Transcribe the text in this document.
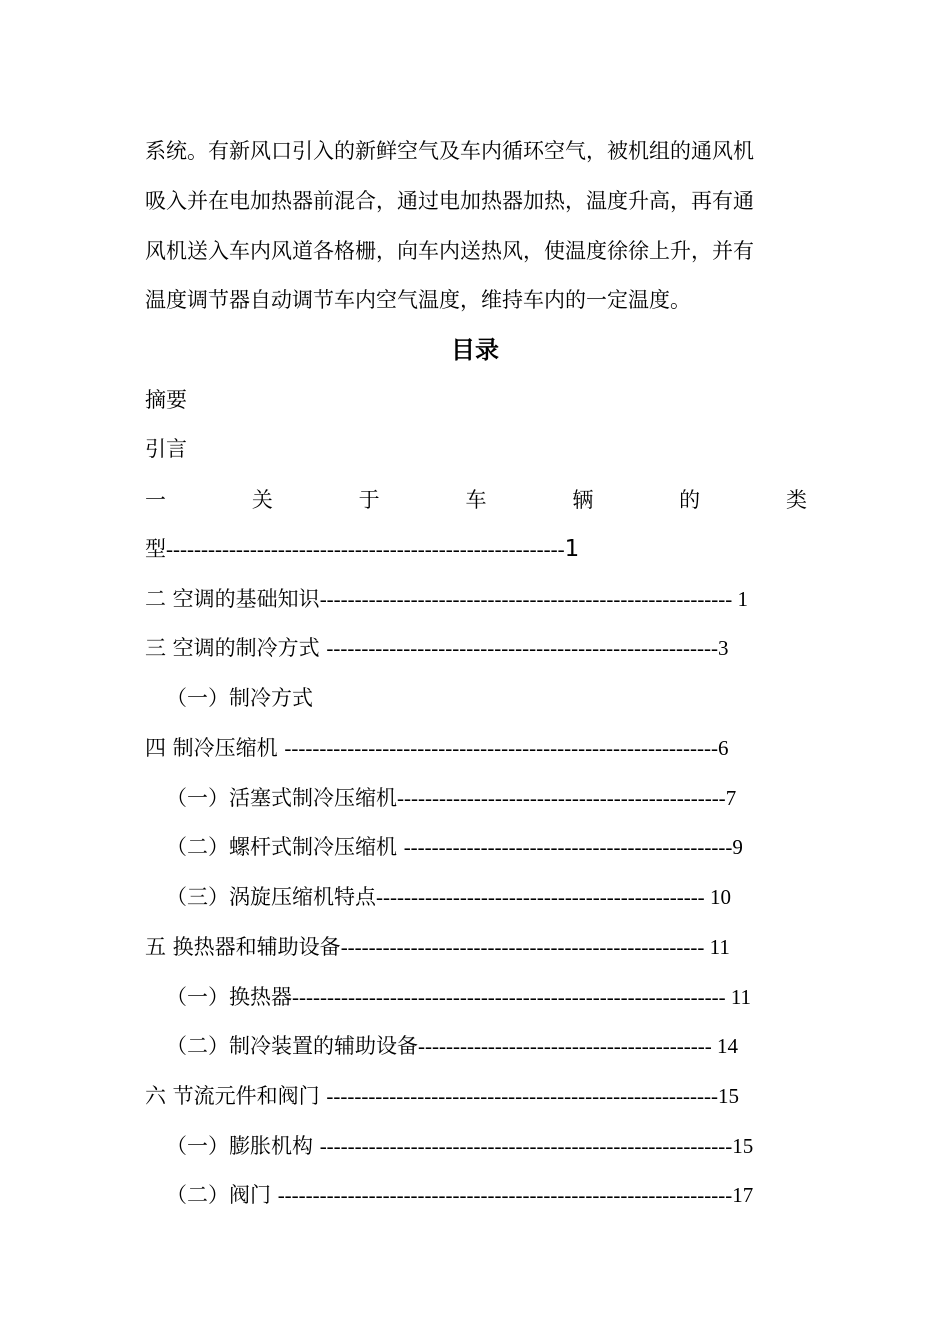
系统。有新风口引入的新鲜空气及车内循环空气，被机组的通风机
吸入并在电加热器前混合，通过电加热器加热，温度升高，再有通
风机送入车内风道各格栅，向车内送热风，使温度徐徐上升，并有
温度调节器自动调节车内空气温度，维持车内的一定温度。
目录
摘要
引言
一	关	于	车	辆	的	类
型---------------------------------------------------------1
二 空调的基础知识----------------------------------------------------------- 1
三 空调的制冷方式 --------------------------------------------------------3
（一）制冷方式
四 制冷压缩机 --------------------------------------------------------------6
（一）活塞式制冷压缩机-----------------------------------------------7
（二）螺杆式制冷压缩机 -----------------------------------------------9
（三）涡旋压缩机特点----------------------------------------------- 10
五 换热器和辅助设备---------------------------------------------------- 11
（一）换热器-------------------------------------------------------------- 11
（二）制冷装置的辅助设备------------------------------------------ 14
六 节流元件和阀门 --------------------------------------------------------15
（一）膨胀机构 -----------------------------------------------------------15
（二）阀门 -----------------------------------------------------------------17
